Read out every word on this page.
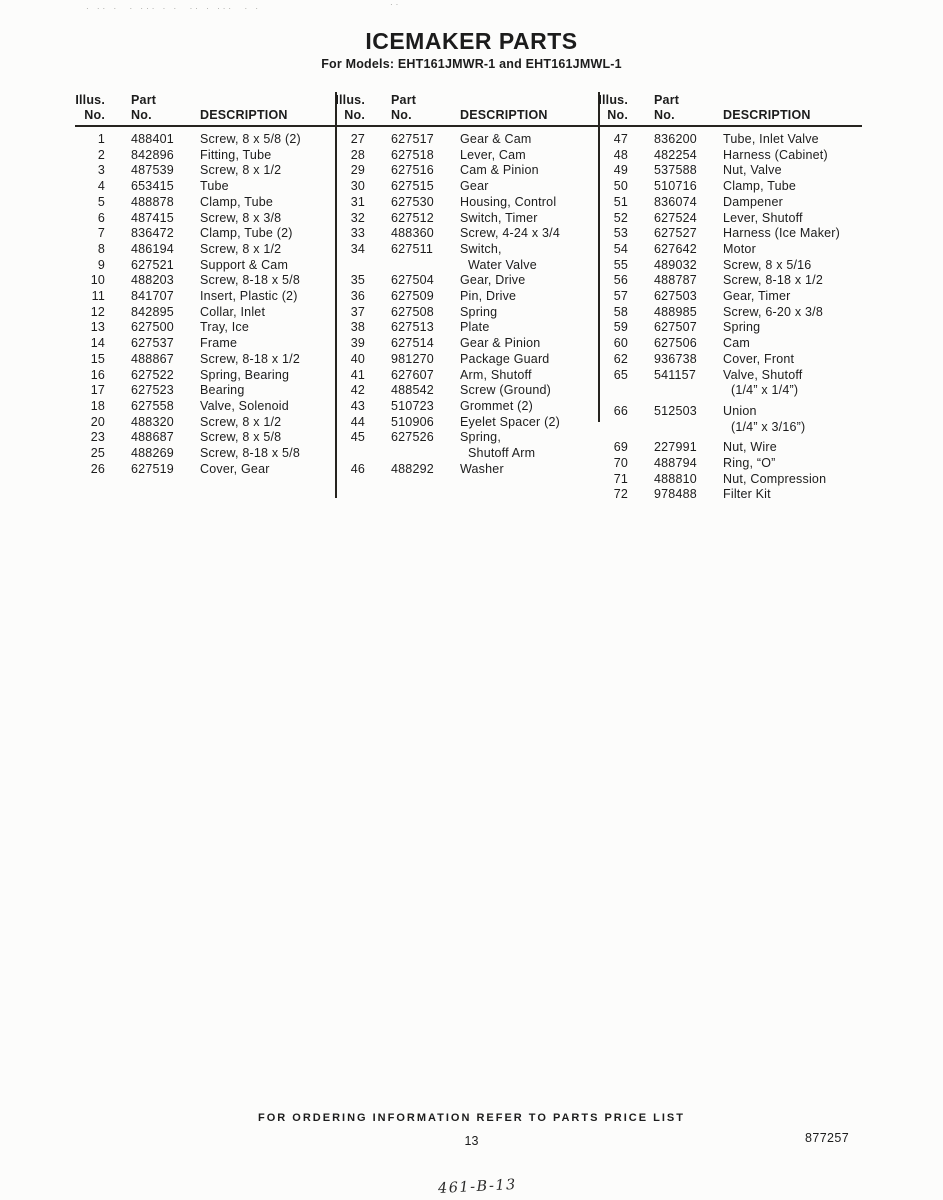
· ·· ·  · ··· · ·  ·· · ···  · ·	··
ICEMAKER PARTS
For Models: EHT161JMWR-1 and EHT161JMWL-1
Illus.	Part
No.	No.	DESCRIPTION
1	488401	Screw, 8 x 5/8 (2)
2	842896	Fitting, Tube
3	487539	Screw, 8 x 1/2
4	653415	Tube
5	488878	Clamp, Tube
6	487415	Screw, 8 x 3/8
7	836472	Clamp, Tube (2)
8	486194	Screw, 8 x 1/2
9	627521	Support & Cam
10	488203	Screw, 8-18 x 5/8
11	841707	Insert, Plastic (2)
12	842895	Collar, Inlet
13	627500	Tray, Ice
14	627537	Frame
15	488867	Screw, 8-18 x 1/2
16	627522	Spring, Bearing
17	627523	Bearing
18	627558	Valve, Solenoid
20	488320	Screw, 8 x 1/2
23	488687	Screw, 8 x 5/8
25	488269	Screw, 8-18 x 5/8
26	627519	Cover, Gear
Illus.	Part
No.	No.	DESCRIPTION
27	627517	Gear & Cam
28	627518	Lever, Cam
29	627516	Cam & Pinion
30	627515	Gear
31	627530	Housing, Control
32	627512	Switch, Timer
33	488360	Screw, 4-24 x 3/4
34	627511	Switch,
Water Valve
35	627504	Gear, Drive
36	627509	Pin, Drive
37	627508	Spring
38	627513	Plate
39	627514	Gear & Pinion
40	981270	Package Guard
41	627607	Arm, Shutoff
42	488542	Screw (Ground)
43	510723	Grommet (2)
44	510906	Eyelet Spacer (2)
45	627526	Spring,
Shutoff Arm
46	488292	Washer
Illus.	Part
No.	No.	DESCRIPTION
47	836200	Tube, Inlet Valve
48	482254	Harness (Cabinet)
49	537588	Nut, Valve
50	510716	Clamp, Tube
51	836074	Dampener
52	627524	Lever, Shutoff
53	627527	Harness (Ice Maker)
54	627642	Motor
55	489032	Screw, 8 x 5/16
56	488787	Screw, 8-18 x 1/2
57	627503	Gear, Timer
58	488985	Screw, 6-20 x 3/8
59	627507	Spring
60	627506	Cam
62	936738	Cover, Front
65	541157	Valve, Shutoff
(1/4” x 1/4”)
66	512503	Union
(1/4” x 3/16”)
69	227991	Nut, Wire
70	488794	Ring, “O”
71	488810	Nut, Compression
72	978488	Filter Kit
FOR ORDERING INFORMATION REFER TO PARTS PRICE LIST
13	877257
461-B-13
